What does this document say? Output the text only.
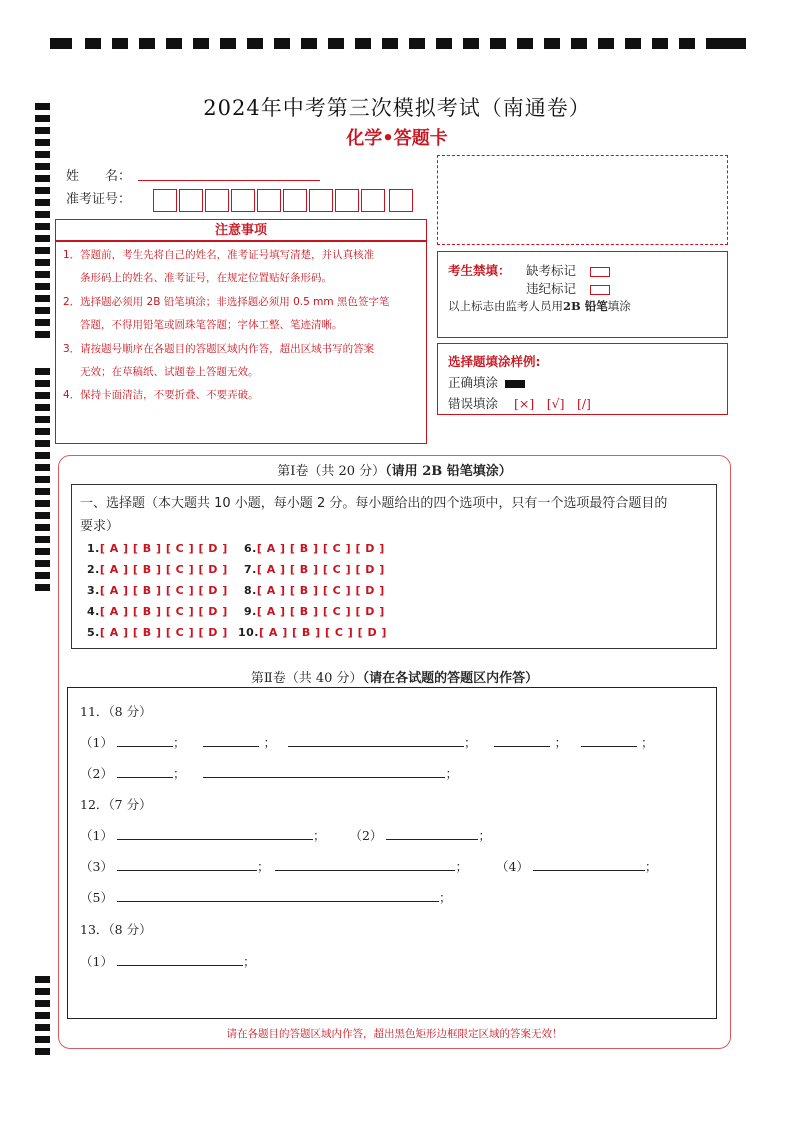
2024年中考第三次模拟考试（南通卷）
化学•答题卡
姓　　名：
准考证号：
注意事项

1．答题前，考生先将自己的姓名，准考证号填写清楚，并认真核准

条形码上的姓名、准考证号，在规定位置贴好条形码。

2．选择题必须用 2B 铅笔填涂；非选择题必须用 0.5 mm 黑色签字笔

答题，不得用铅笔或圆珠笔答题；字体工整、笔迹清晰。

3．请按题号顺序在各题目的答题区域内作答，超出区域书写的答案

无效；在草稿纸、试题卷上答题无效。

4．保持卡面清洁，不要折叠、不要弄破。

考生禁填： 缺考标记
违纪标记
以上标志由监考人员用2B 铅笔填涂
选择题填涂样例:
正确填涂
错误填涂 [×]　[√]　[/]
第Ⅰ卷（共 20 分）（请用 2B 铅笔填涂）
一、选择题（本大题共 10 小题，每小题 2 分。每小题给出的四个选项中，只有一个选项最符合题目的
要求）
1.[ A ] [ B ] [ C ] [ D ]
2.[ A ] [ B ] [ C ] [ D ]
3.[ A ] [ B ] [ C ] [ D ]
4.[ A ] [ B ] [ C ] [ D ]
5.[ A ] [ B ] [ C ] [ D ]
6.[ A ] [ B ] [ C ] [ D ]
7.[ A ] [ B ] [ C ] [ D ]
8.[ A ] [ B ] [ C ] [ D ]
9.[ A ] [ B ] [ C ] [ D ]
10.[ A ] [ B ] [ C ] [ D ]
第Ⅱ卷（共 40 分）（请在各试题的答题区内作答）
11．（8 分）
（1）	；	；	；	；	；
（2）	；	；
12．（7 分）
（1）	； （2）	；
（3）	；	； （4）	；
（5）	；
13．（8 分）
（1）	；
请在各题目的答题区域内作答，超出黑色矩形边框限定区域的答案无效！
